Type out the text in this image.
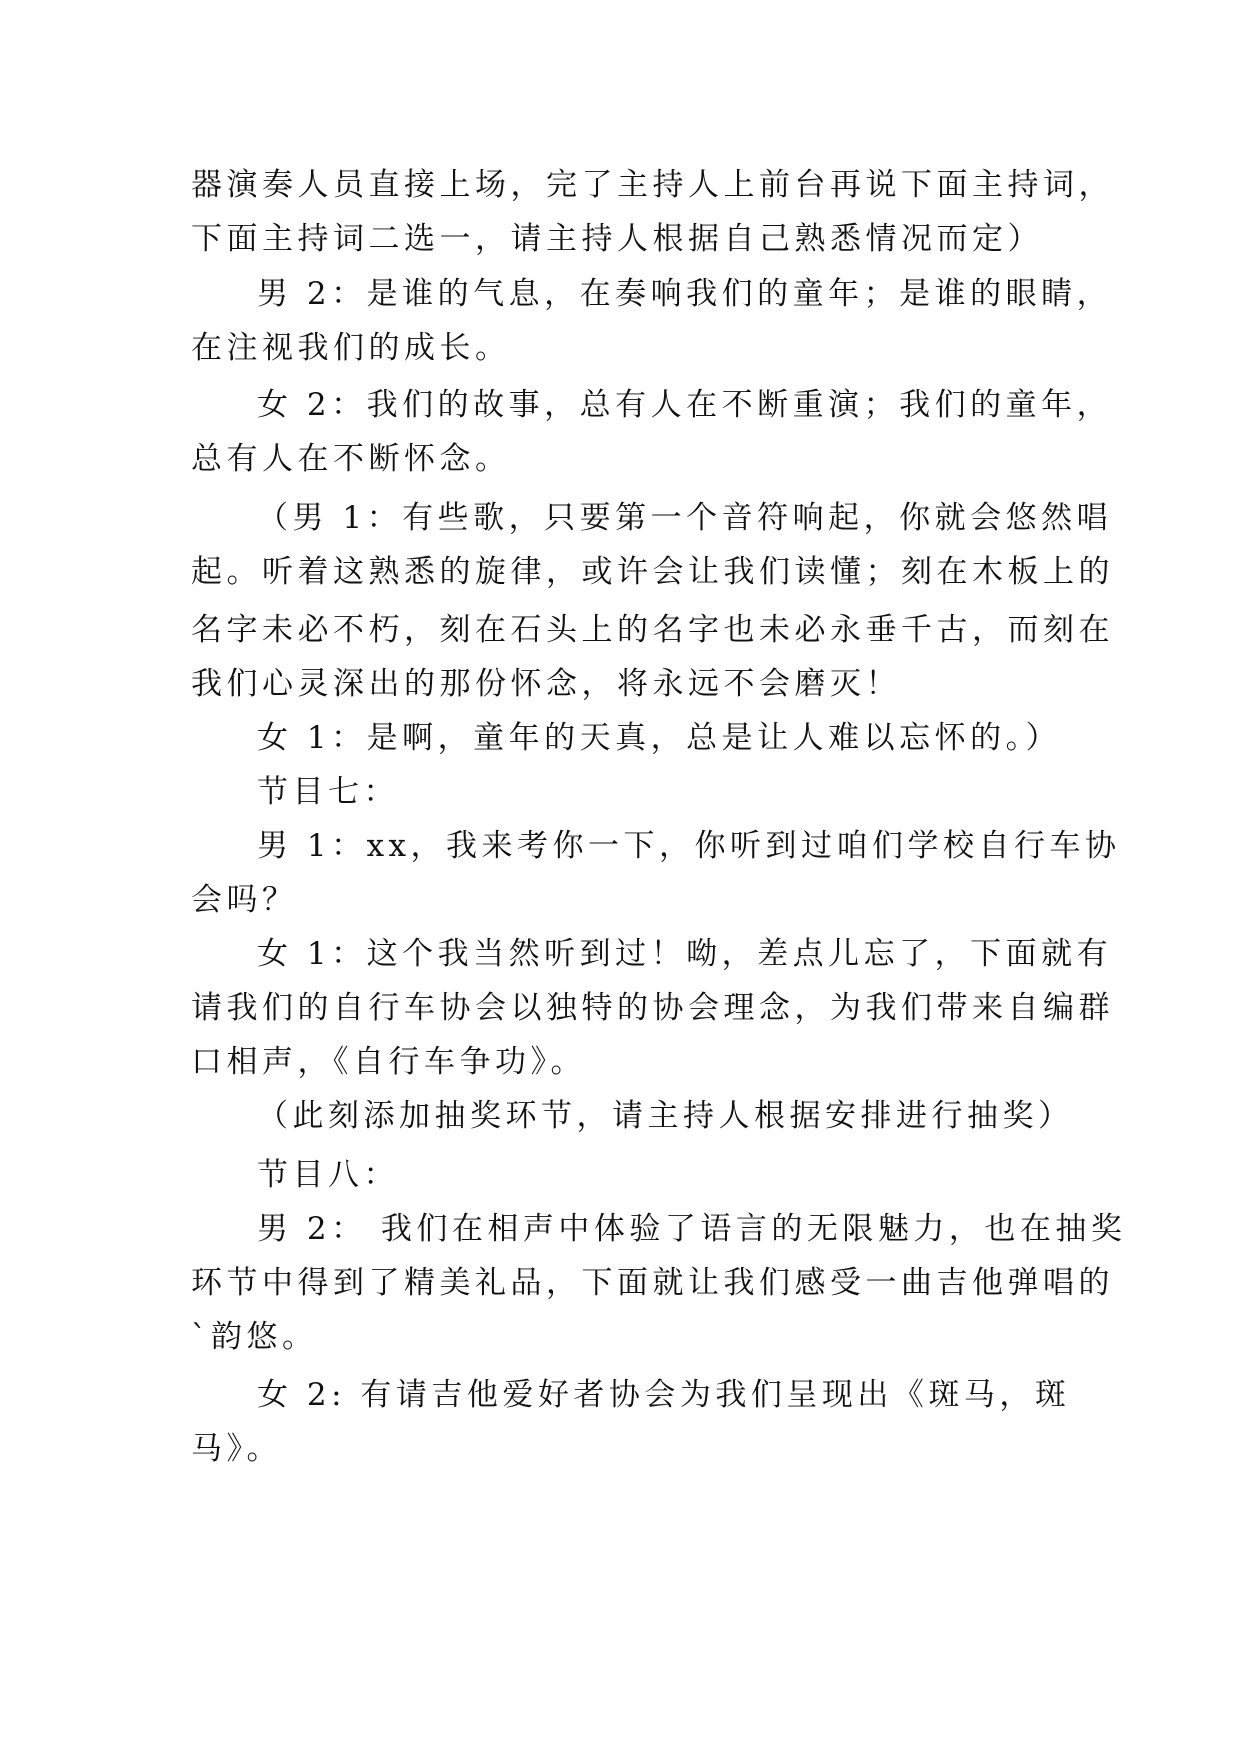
器演奏人员直接上场，完了主持人上前台再说下面主持词，
下面主持词二选一，请主持人根据自己熟悉情况而定）
男 2：是谁的气息，在奏响我们的童年；是谁的眼睛，
在注视我们的成长。
女 2：我们的故事，总有人在不断重演；我们的童年，
总有人在不断怀念。
（男 1：有些歌，只要第一个音符响起，你就会悠然唱
起。听着这熟悉的旋律，或许会让我们读懂；刻在木板上的
名字未必不朽，刻在石头上的名字也未必永垂千古，而刻在
我们心灵深出的那份怀念，将永远不会磨灭！
女 1：是啊，童年的天真，总是让人难以忘怀的。）
节目七：
男 1：xx，我来考你一下，你听到过咱们学校自行车协
会吗？
女 1：这个我当然听到过！呦，差点儿忘了，下面就有
请我们的自行车协会以独特的协会理念，为我们带来自编群
口相声，《自行车争功》。
（此刻添加抽奖环节，请主持人根据安排进行抽奖）
节目八：
男 2： 我们在相声中体验了语言的无限魅力，也在抽奖
环节中得到了精美礼品，下面就让我们感受一曲吉他弹唱的
`韵悠。
女 2: 有请吉他爱好者协会为我们呈现出《斑马，斑
马》。
